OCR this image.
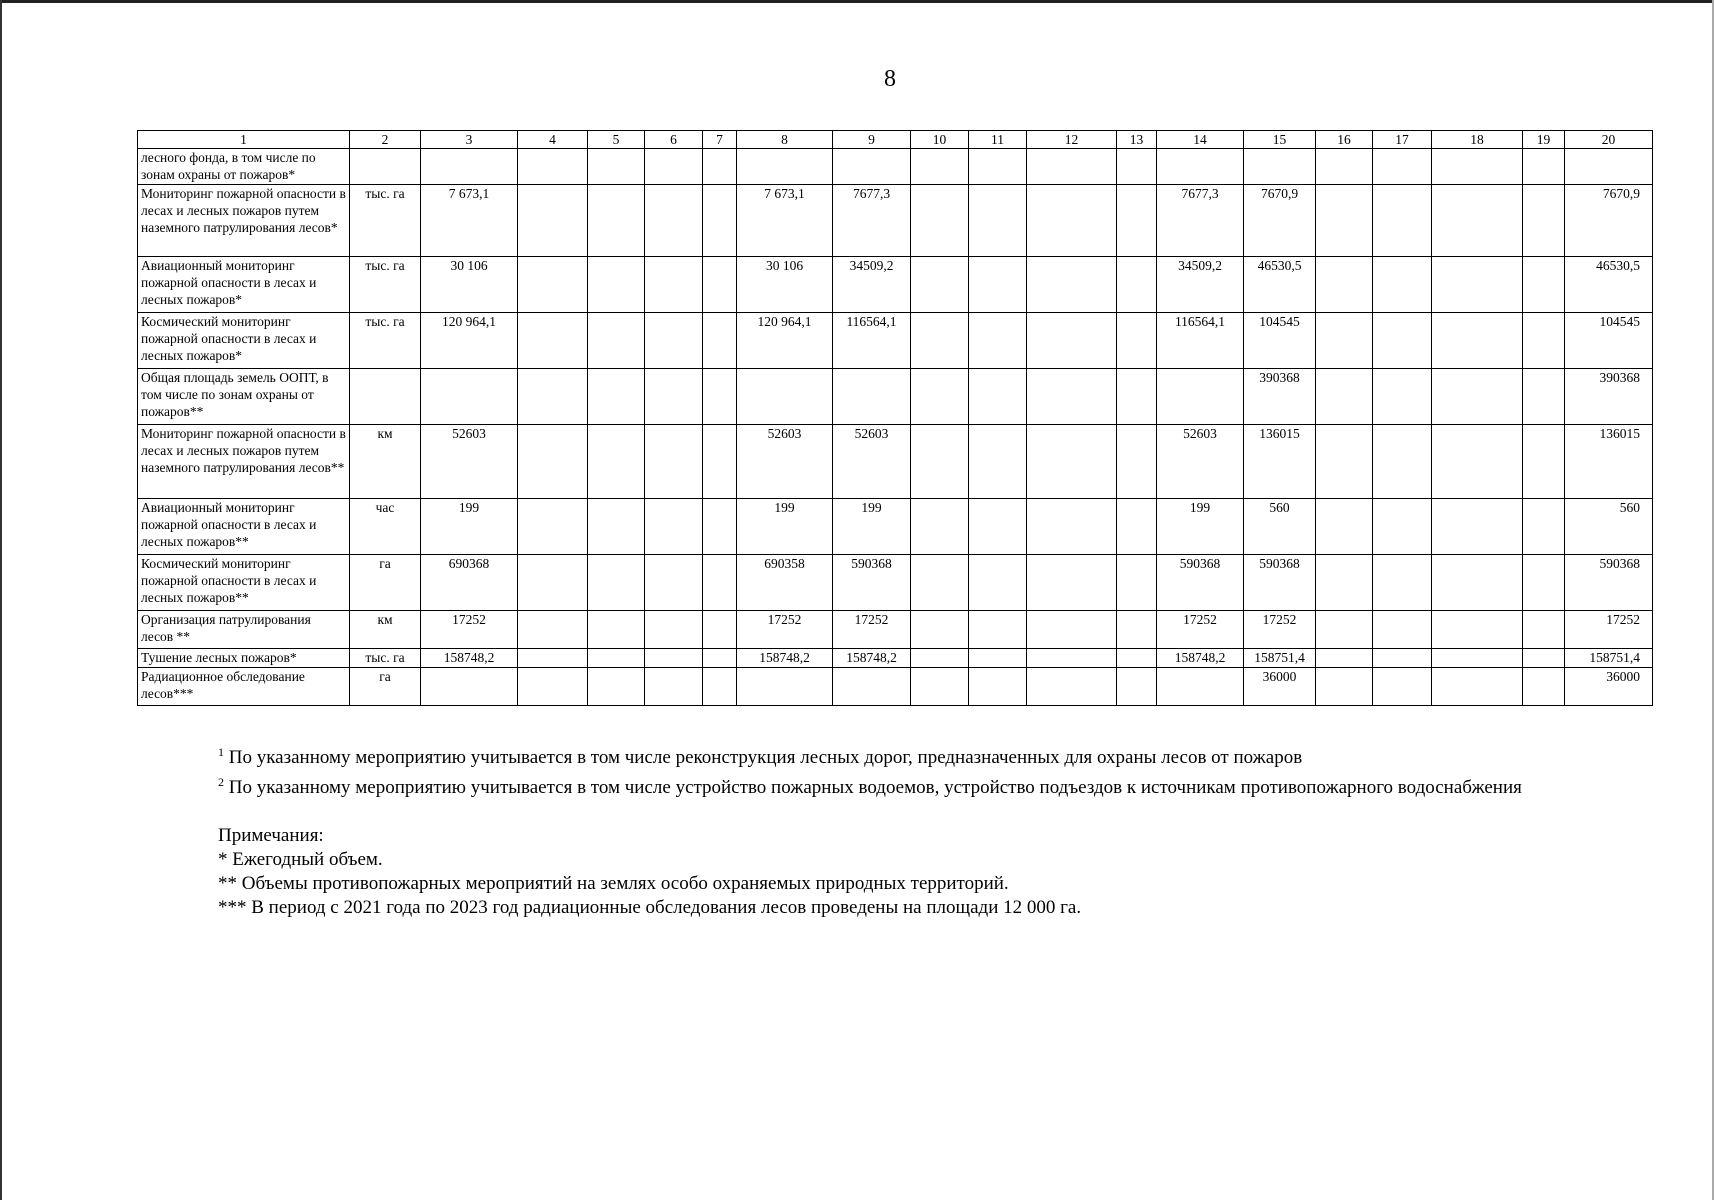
8
1	2	3	4	5	6	7	8	9	10	11	12	13	14	15	16	17	18	19	20
лесного фонда, в том числе по зонам охраны от пожаров*																			
Мониторинг пожарной опасности в лесах и лесных пожаров путем наземного патрулирования лесов*	тыс. га	7 673,1					7 673,1	7677,3					7677,3	7670,9					7670,9
Авиационный мониторинг пожарной опасности в лесах и лесных пожаров*	тыс. га	30 106					30 106	34509,2					34509,2	46530,5					46530,5
Космический мониторинг пожарной опасности в лесах и лесных пожаров*	тыс. га	120 964,1					120 964,1	116564,1					116564,1	104545					104545
Общая площадь земель ООПТ, в том числе по зонам охраны от пожаров**														390368					390368
Мониторинг пожарной опасности в лесах и лесных пожаров путем наземного патрулирования лесов**	км	52603					52603	52603					52603	136015					136015
Авиационный мониторинг пожарной опасности в лесах и лесных пожаров**	час	199					199	199					199	560					560
Космический мониторинг пожарной опасности в лесах и лесных пожаров**	га	690368					690358	590368					590368	590368					590368
Организация патрулирования лесов **	км	17252					17252	17252					17252	17252					17252
Тушение лесных пожаров*	тыс. га	158748,2					158748,2	158748,2					158748,2	158751,4					158751,4
Радиационное обследование лесов***	га													36000					36000
$^1$ По указанному мероприятию учитывается в том числе реконструкция лесных дорог, предназначенных для охраны лесов от пожаров
$^2$ По указанному мероприятию учитывается в том числе устройство пожарных водоемов, устройство подъездов к источникам противопожарного водоснабжения
Примечания:
* Ежегодный объем.
** Объемы противопожарных мероприятий на землях особо охраняемых природных территорий.
*** В период с 2021 года по 2023 год радиационные обследования лесов проведены на площади 12 000 га.
